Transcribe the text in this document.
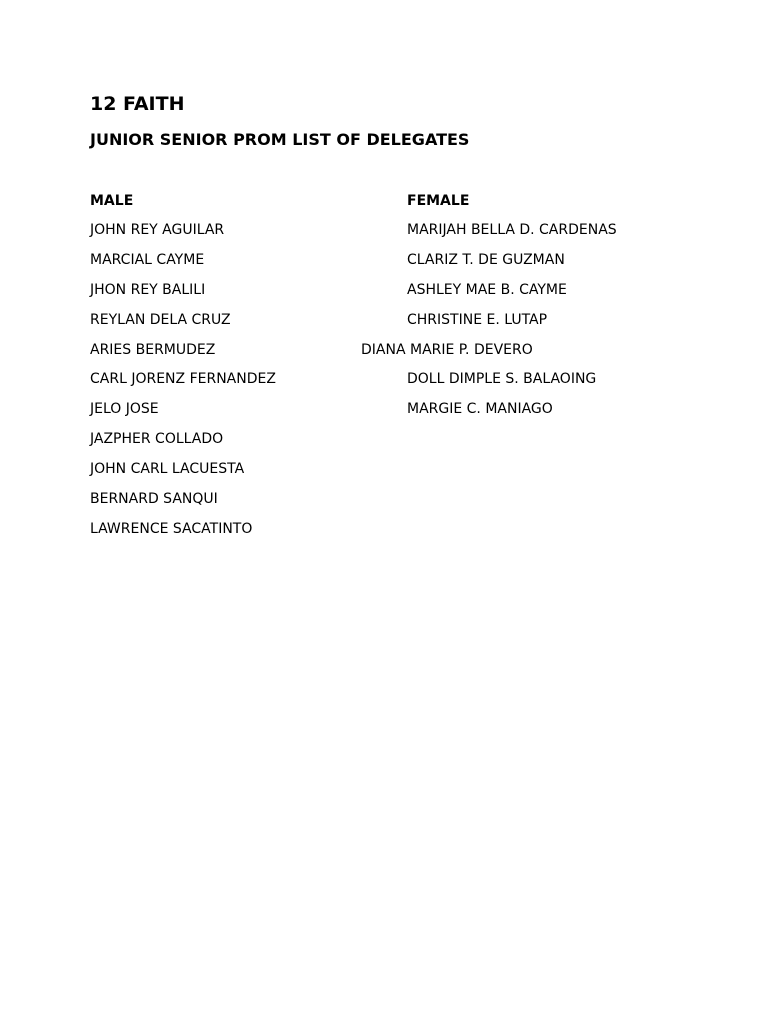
12 FAITH
JUNIOR SENIOR PROM LIST OF DELEGATES
MALE	FEMALE
JOHN REY AGUILAR
MARCIAL CAYME
JHON REY BALILI
REYLAN DELA CRUZ
ARIES BERMUDEZ
CARL JORENZ FERNANDEZ
JELO JOSE
JAZPHER COLLADO
JOHN CARL LACUESTA
BERNARD SANQUI
LAWRENCE SACATINTO
MARIJAH BELLA D. CARDENAS
CLARIZ T. DE GUZMAN
ASHLEY MAE B. CAYME
CHRISTINE E. LUTAP
DIANA MARIE P. DEVERO
DOLL DIMPLE S. BALAOING
MARGIE C. MANIAGO
